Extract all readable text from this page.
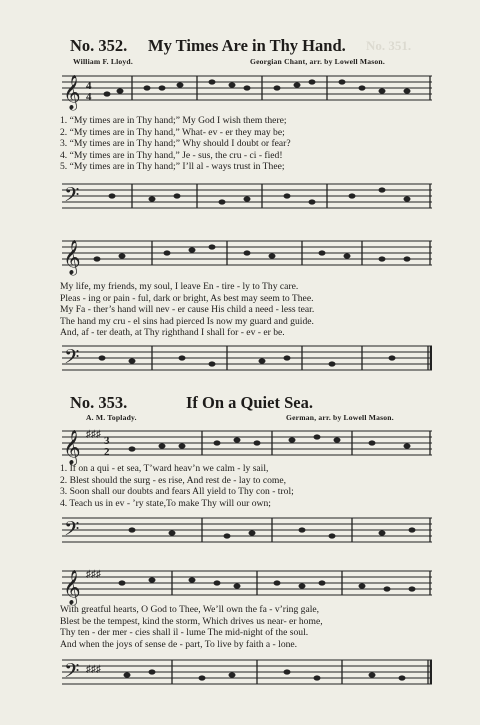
No. 351.
No. 352. My Times Are in Thy Hand.
William F. Lloyd.	Georgian Chant, arr. by Lowell Mason.
𝄞 4
4
1. “My times are in Thy hand;” My God I wish them there;
2. “My times are in Thy hand,” What- ev - er they may be;
3. “My times are in Thy hand;” Why should I doubt or fear?
4. “My times are in Thy hand,” Je - sus, the cru - ci - fied!
5. “My times are in Thy hand;” I’ll al - ways trust in Thee;
𝄢
𝄞
My life, my friends, my soul, I leave En - tire - ly to Thy care.
Pleas - ing or pain - ful, dark or bright, As best may seem to Thee.
My Fa - ther’s hand will nev - er cause His child a need - less tear.
The hand my cru - el sins had pierced Is now my guard and guide.
And, af - ter death, at Thy righthand I shall for - ev - er be.
𝄢
No. 353.	If On a Quiet Sea.
A. M. Toplady.	German, arr. by Lowell Mason.
𝄞 ♯♯♯
3
2
1. If on a qui - et sea, T’ward heav’n we calm - ly sail,
2. Blest should the surg - es rise, And rest de - lay to come,
3. Soon shall our doubts and fears All yield to Thy con - trol;
4. Teach us in ev - ’ry state,To make Thy will our own;
𝄢
𝄞 ♯♯♯
With greatful hearts, O God to Thee, We’ll own the fa - v’ring gale,
Blest be the tempest, kind the storm, Which drives us near- er home,
Thy ten - der mer - cies shall il - lume The mid-night of the soul.
And when the joys of sense de - part, To live by faith a - lone.
𝄢 ♯♯♯
